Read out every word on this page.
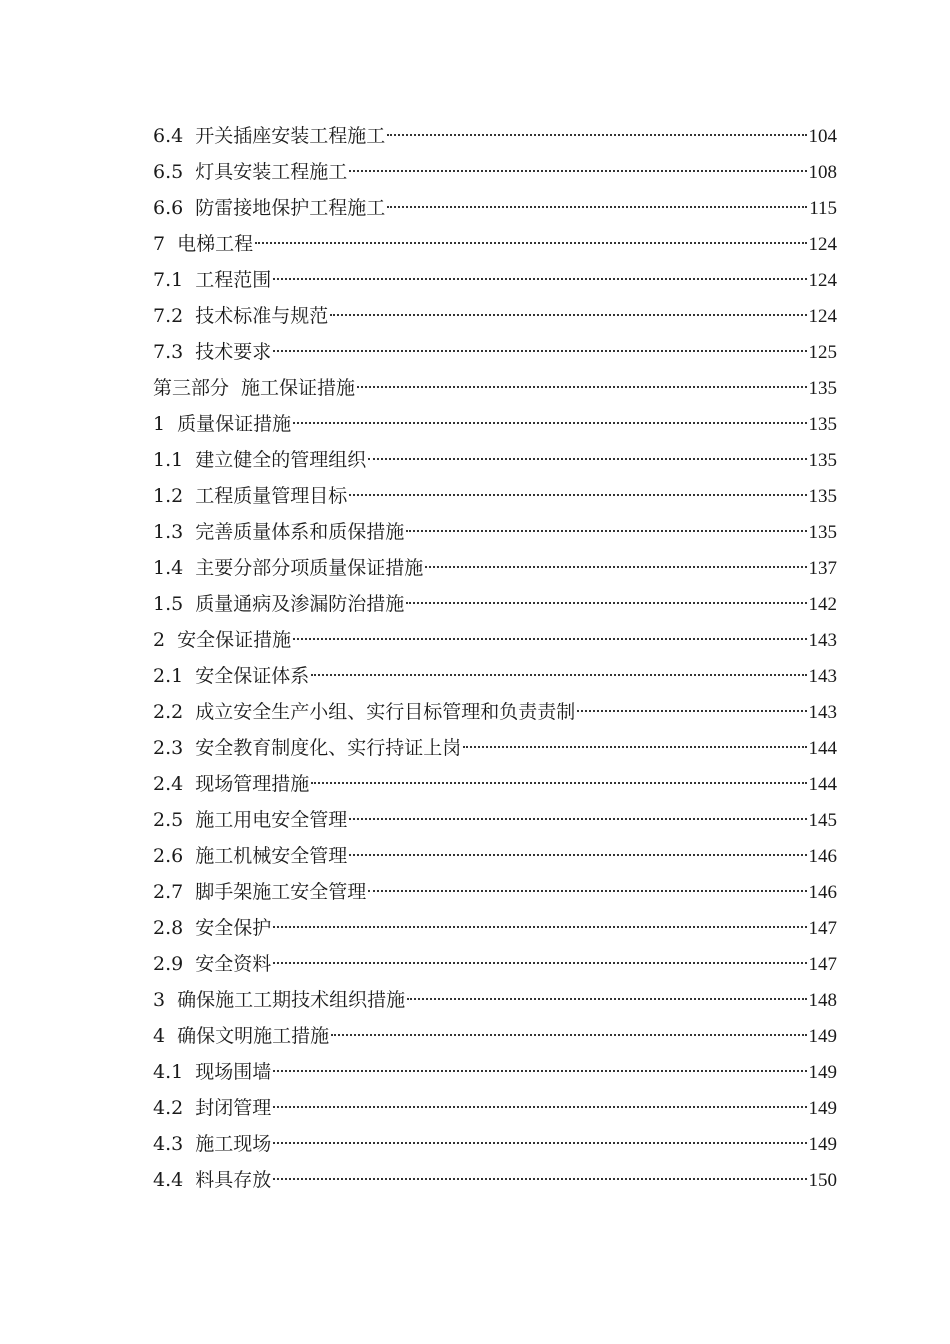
6.4 开关插座安装工程施工	104
6.5 灯具安装工程施工	108
6.6 防雷接地保护工程施工	115
7 电梯工程	124
7.1 工程范围	124
7.2 技术标准与规范	124
7.3 技术要求	125
第三部分 施工保证措施	135
1 质量保证措施	135
1.1 建立健全的管理组织	135
1.2 工程质量管理目标	135
1.3 完善质量体系和质保措施	135
1.4 主要分部分项质量保证措施	137
1.5 质量通病及渗漏防治措施	142
2 安全保证措施	143
2.1 安全保证体系	143
2.2 成立安全生产小组、实行目标管理和负责责制	143
2.3 安全教育制度化、实行持证上岗	144
2.4 现场管理措施	144
2.5 施工用电安全管理	145
2.6 施工机械安全管理	146
2.7 脚手架施工安全管理	146
2.8 安全保护	147
2.9 安全资料	147
3 确保施工工期技术组织措施	148
4 确保文明施工措施	149
4.1 现场围墙	149
4.2 封闭管理	149
4.3 施工现场	149
4.4 料具存放	150
